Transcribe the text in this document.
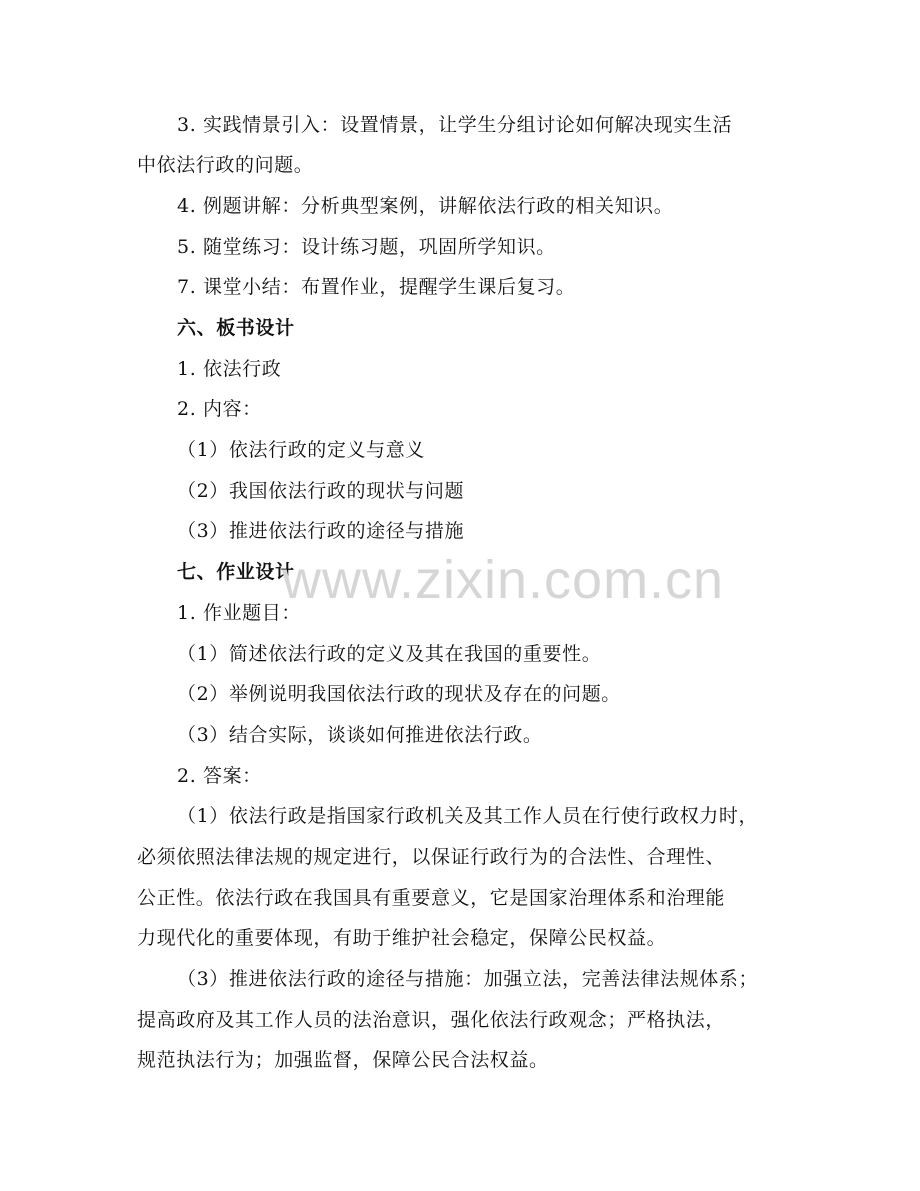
3. 实践情景引入：设置情景，让学生分组讨论如何解决现实生活
中依法行政的问题。
4. 例题讲解：分析典型案例，讲解依法行政的相关知识。
5. 随堂练习：设计练习题，巩固所学知识。
7. 课堂小结：布置作业，提醒学生课后复习。
六、板书设计
1. 依法行政
2. 内容：
（1）依法行政的定义与意义
（2）我国依法行政的现状与问题
（3）推进依法行政的途径与措施
七、作业设计
1. 作业题目：
（1）简述依法行政的定义及其在我国的重要性。
（2）举例说明我国依法行政的现状及存在的问题。
（3）结合实际，谈谈如何推进依法行政。
2. 答案：
（1）依法行政是指国家行政机关及其工作人员在行使行政权力时，
必须依照法律法规的规定进行，以保证行政行为的合法性、合理性、
公正性。依法行政在我国具有重要意义，它是国家治理体系和治理能
力现代化的重要体现，有助于维护社会稳定，保障公民权益。
（3）推进依法行政的途径与措施：加强立法，完善法律法规体系；
提高政府及其工作人员的法治意识，强化依法行政观念；严格执法，
规范执法行为；加强监督，保障公民合法权益。
www.zixin.com.cn
